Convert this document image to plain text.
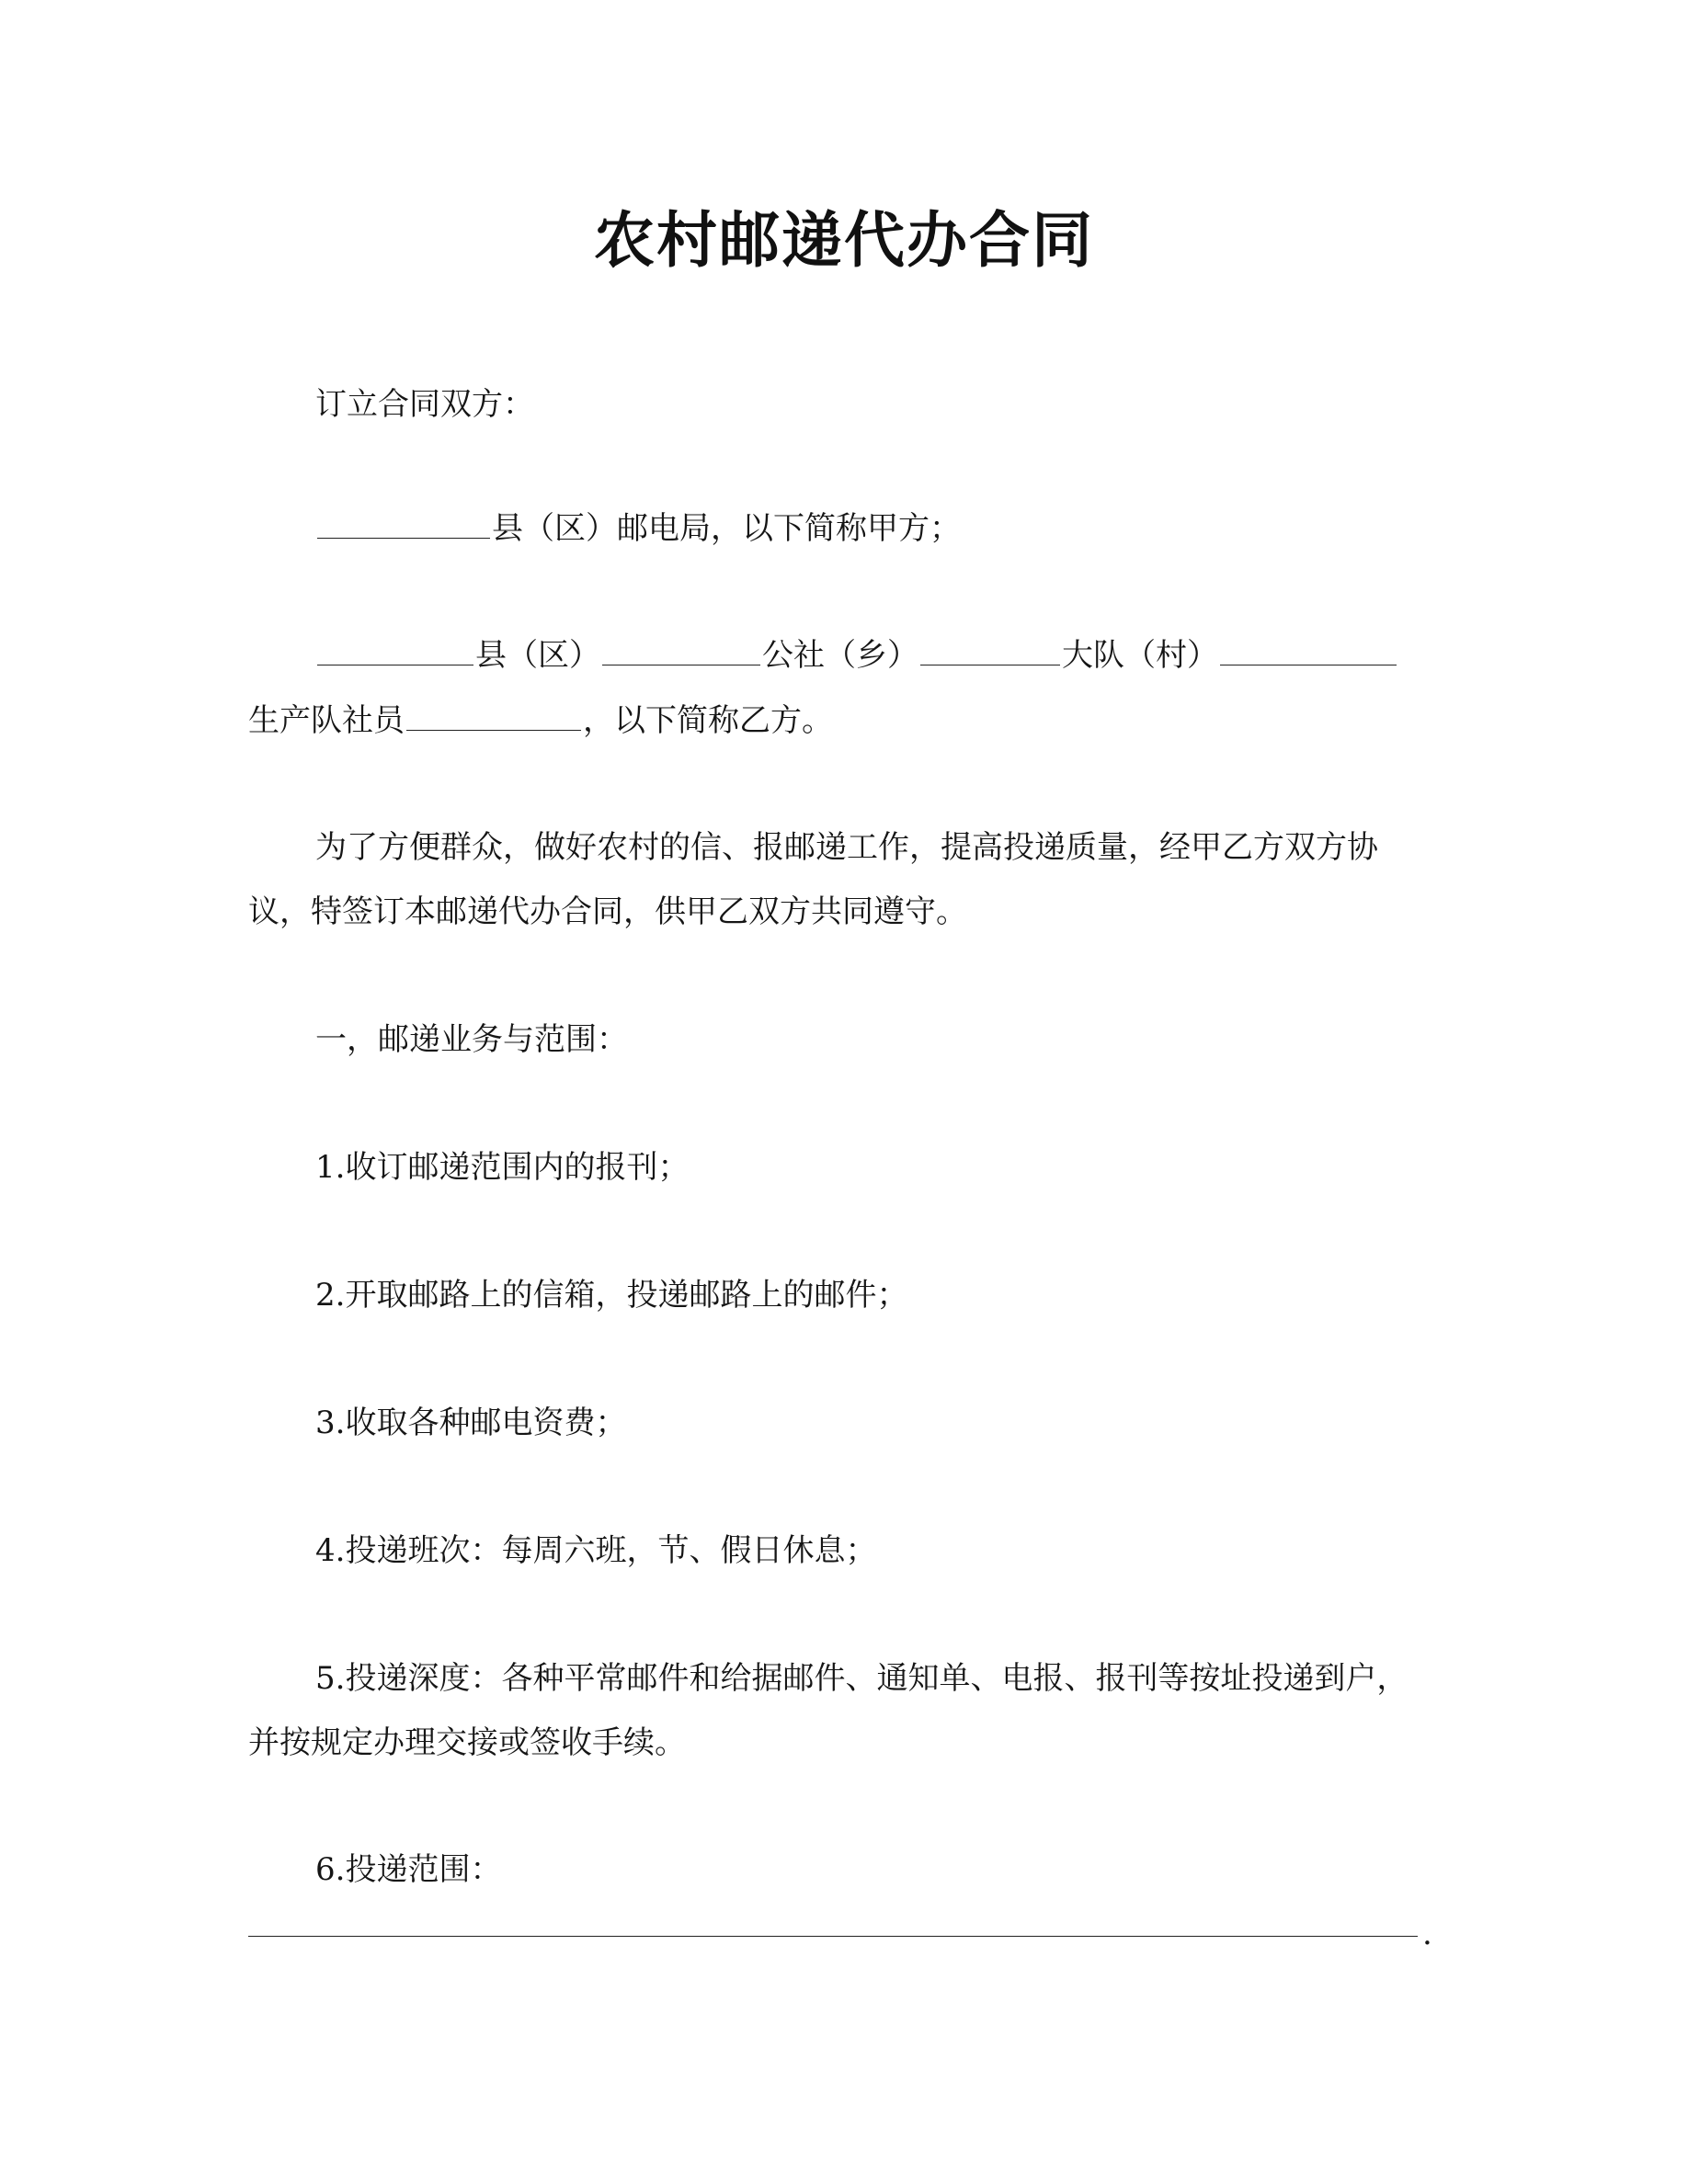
农村邮递代办合同
订立合同双方：
县（区）邮电局，以下简称甲方；
县（区）	公社（乡）	大队（村）
生产队社员	，以下简称乙方。
为了方便群众，做好农村的信、报邮递工作，提高投递质量，经甲乙方双方协
议，特签订本邮递代办合同，供甲乙双方共同遵守。
一，邮递业务与范围：
1.收订邮递范围内的报刊；
2.开取邮路上的信箱，投递邮路上的邮件；
3.收取各种邮电资费；
4.投递班次：每周六班，节、假日休息；
5.投递深度：各种平常邮件和给据邮件、通知单、电报、报刊等按址投递到户，
并按规定办理交接或签收手续。
6.投递范围：
.
